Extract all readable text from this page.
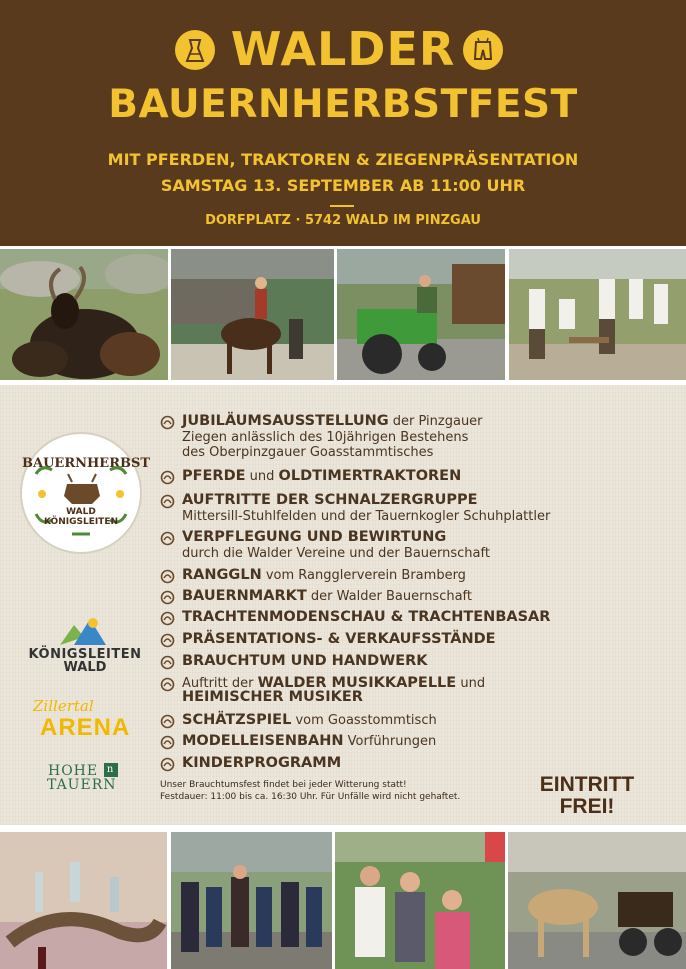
WALDER
BAUERNHERBSTFEST
MIT PFERDEN, TRAKTOREN & ZIEGENPRÄSENTATION
SAMSTAG 13. SEPTEMBER AB 11:00 UHR
DORFPLATZ · 5742 WALD IM PINZGAU
BAUERNHERBST
WALD
KÖNIGSLEITEN
KÖNIGSLEITEN
WALD
Zillertal
ARENA
HOHE n
TAUERN
JUBILÄUMSAUSSTELLUNG der Pinzgauer
Ziegen anlässlich des 10jährigen Bestehens
des Oberpinzgauer Goasstammtisches
PFERDE und OLDTIMERTRAKTOREN
AUFTRITTE DER SCHNALZERGRUPPE
Mittersill-Stuhlfelden und der Tauernkogler Schuhplattler
VERPFLEGUNG UND BEWIRTUNG
durch die Walder Vereine und der Bauernschaft
RANGGLN vom Rangglerverein Bramberg
BAUERNMARKT der Walder Bauernschaft
TRACHTENMODENSCHAU & TRACHTENBASAR
PRÄSENTATIONS- & VERKAUFSSTÄNDE
BRAUCHTUM UND HANDWERK
Auftritt der WALDER MUSIKKAPELLE und
HEIMISCHER MUSIKER
SCHÄTZSPIEL vom Goasstommtisch
MODELLEISENBAHN Vorführungen
KINDERPROGRAMM
Unser Brauchtumsfest findet bei jeder Witterung statt!
Festdauer: 11:00 bis ca. 16:30 Uhr. Für Unfälle wird nicht gehaftet.
EINTRITT
FREI!
